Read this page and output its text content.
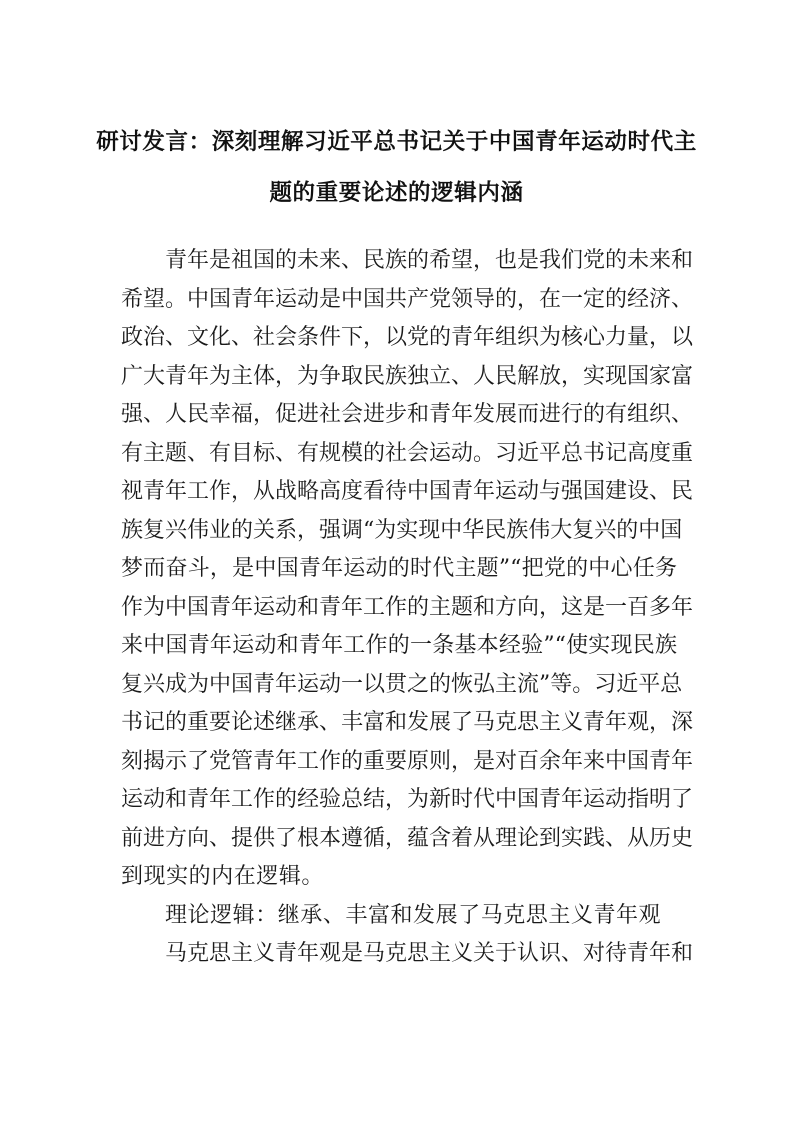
研讨发言：深刻理解习近平总书记关于中国青年运动时代主
题的重要论述的逻辑内涵
青年是祖国的未来、民族的希望，也是我们党的未来和
希望。中国青年运动是中国共产党领导的，在一定的经济、
政治、文化、社会条件下，以党的青年组织为核心力量，以
广大青年为主体，为争取民族独立、人民解放，实现国家富
强、人民幸福，促进社会进步和青年发展而进行的有组织、
有主题、有目标、有规模的社会运动。习近平总书记高度重
视青年工作，从战略高度看待中国青年运动与强国建设、民
族复兴伟业的关系，强调“为实现中华民族伟大复兴的中国
梦而奋斗，是中国青年运动的时代主题”“把党的中心任务
作为中国青年运动和青年工作的主题和方向，这是一百多年
来中国青年运动和青年工作的一条基本经验”“使实现民族
复兴成为中国青年运动一以贯之的恢弘主流”等。习近平总
书记的重要论述继承、丰富和发展了马克思主义青年观，深
刻揭示了党管青年工作的重要原则，是对百余年来中国青年
运动和青年工作的经验总结，为新时代中国青年运动指明了
前进方向、提供了根本遵循，蕴含着从理论到实践、从历史
到现实的内在逻辑。
理论逻辑：继承、丰富和发展了马克思主义青年观
马克思主义青年观是马克思主义关于认识、对待青年和
